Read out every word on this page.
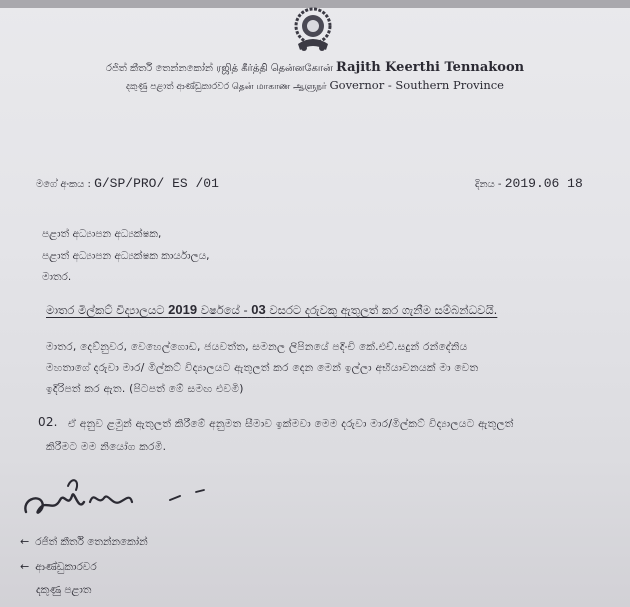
රජිත් කීර්ති තෙන්නකෝන් ரஜித் கீர்த்தி தென்னகோன் Rajith Keerthi Tennakoon
දකුණු පළාත් ආණ්ඩුකාරවර தென் மாகாண ஆளுநர் Governor - Southern Province
මගේ අංකය : G/SP/PRO/ ES /01	දිනය - 2019.06 18
පළාත් අධ්‍යාපන අධ්‍යක්ෂක,
පළාත් අධ්‍යාපන අධ්‍යක්ෂක කාර්යාලය,
මාතර.
මාතර මිල්කට් විද්‍යාලයට 2019 වර්ෂයේ - 03 වසරට දරුවකු ඇතුලත් කර ගැනීම සම්බන්ධවයි.
මාතර, දෙව්නුවර, වෙහෙල්ගොඩ, ජයවත්ත, සමනල ලිපිනයේ පදිංචි කේ.එච්.සදුන් රන්දේනිය
මහතාගේ දරුවා මාර/ මිල්කට් විද්‍යාලයට ඇතුලත් කර දෙන මෙන් ඉල්ලා අභියාචනයක් මා වෙත
ඉදිරිපත් කර ඇත. (පිටපත් මේ සමඟ එවමි)
02. ඒ අනුව ළමුන් ඇතුලත් කිරීමේ අනුමත සීමාව ඉක්මවා මෙම දරුවා මාර/මිල්කට් විද්‍යාලයට ඇතුලත්
කිරීමට මම නියෝග කරමි.
← රජිත් කීර්ති තෙන්නකෝන්
← ආණ්ඩුකාරවර
දකුණු පළාත
